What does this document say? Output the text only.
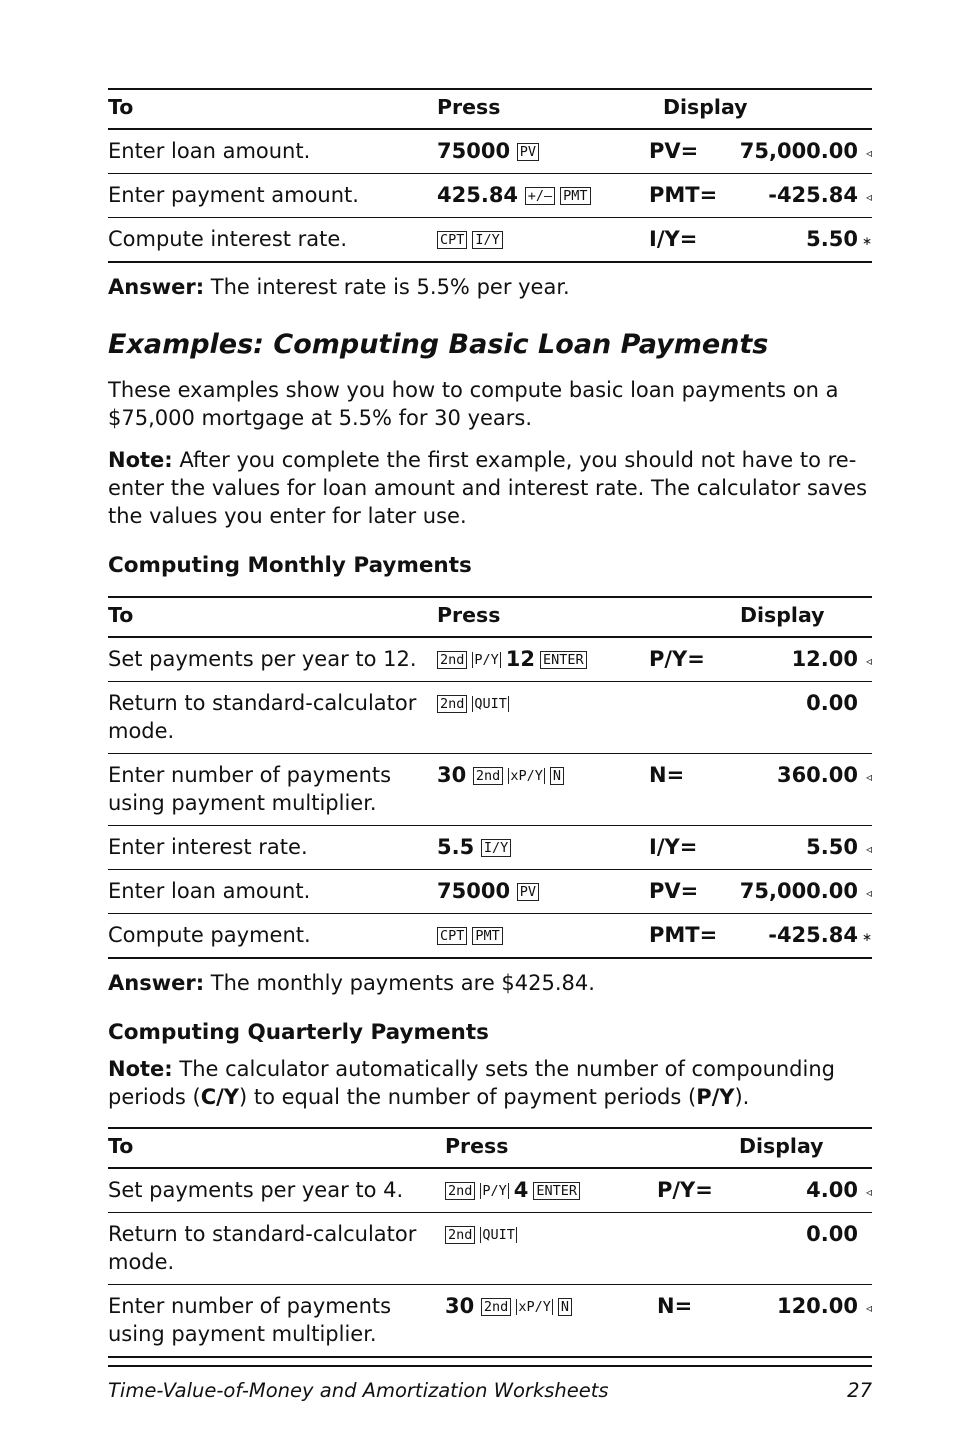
To	Press	Display	
Enter loan amount.	75000 PV	PV=	75,000.00 ◃

Enter payment amount.	425.84 +/– PMT	PMT=	-425.84 ◃

Compute interest rate.	CPT I/Y	I/Y=	5.50 ∗

Answer: The interest rate is 5.5% per year.

Examples: Computing Basic Loan Payments

These examples show you how to compute basic loan payments on a $75,000 mortgage at 5.5% for 30 years.

Note: After you complete the first example, you should not have to re-enter the values for loan amount and interest rate. The calculator saves the values you enter for later use.

Computing Monthly Payments
To	Press	Display	
Set payments per year to 12.	2nd P/Y 12 ENTER	P/Y=	12.00 ◃

Return to standard-calculator mode.	2nd QUIT		0.00
Enter number of payments using payment multiplier.	30 2nd xP/Y N	N=	360.00 ◃

Enter interest rate.	5.5 I/Y	I/Y=	5.50 ◃

Enter loan amount.	75000 PV	PV=	75,000.00 ◃

Compute payment.	CPT PMT	PMT=	-425.84 ∗

Answer: The monthly payments are $425.84.

Computing Quarterly Payments

Note: The calculator automatically sets the number of compounding periods (C/Y) to equal the number of payment periods (P/Y).

To	Press	Display	
Set payments per year to 4.	2nd P/Y 4 ENTER	P/Y=	4.00 ◃

Return to standard-calculator mode.	2nd QUIT		0.00
Enter number of payments using payment multiplier.	30 2nd xP/Y N	N=	120.00 ◃
Time-Value-of-Money and Amortization Worksheets	27
